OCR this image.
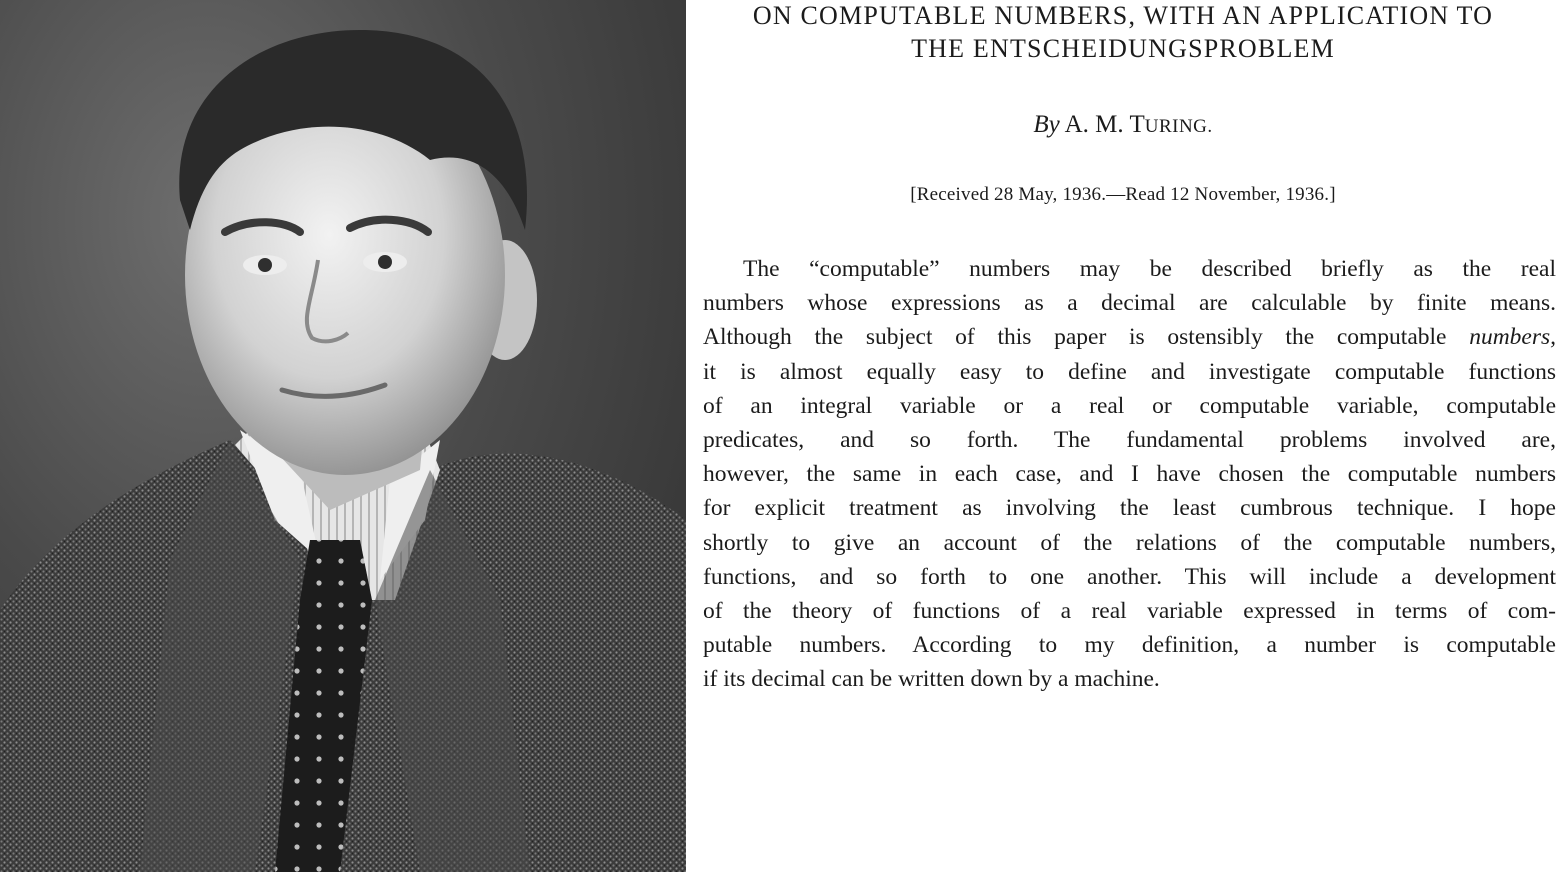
ON COMPUTABLE NUMBERS, WITH AN APPLICATION TO
THE ENTSCHEIDUNGSPROBLEM
By A. M. TURING.
[Received 28 May, 1936.—Read 12 November, 1936.]
The “computable” numbers may be described briefly as the real
numbers whose expressions as a decimal are calculable by finite means.
Although the subject of this paper is ostensibly the computable numbers,
it is almost equally easy to define and investigate computable functions
of an integral variable or a real or computable variable, computable
predicates, and so forth. The fundamental problems involved are,
however, the same in each case, and I have chosen the computable numbers
for explicit treatment as involving the least cumbrous technique. I hope
shortly to give an account of the relations of the computable numbers,
functions, and so forth to one another. This will include a development
of the theory of functions of a real variable expressed in terms of com-
putable numbers. According to my definition, a number is computable
if its decimal can be written down by a machine.
